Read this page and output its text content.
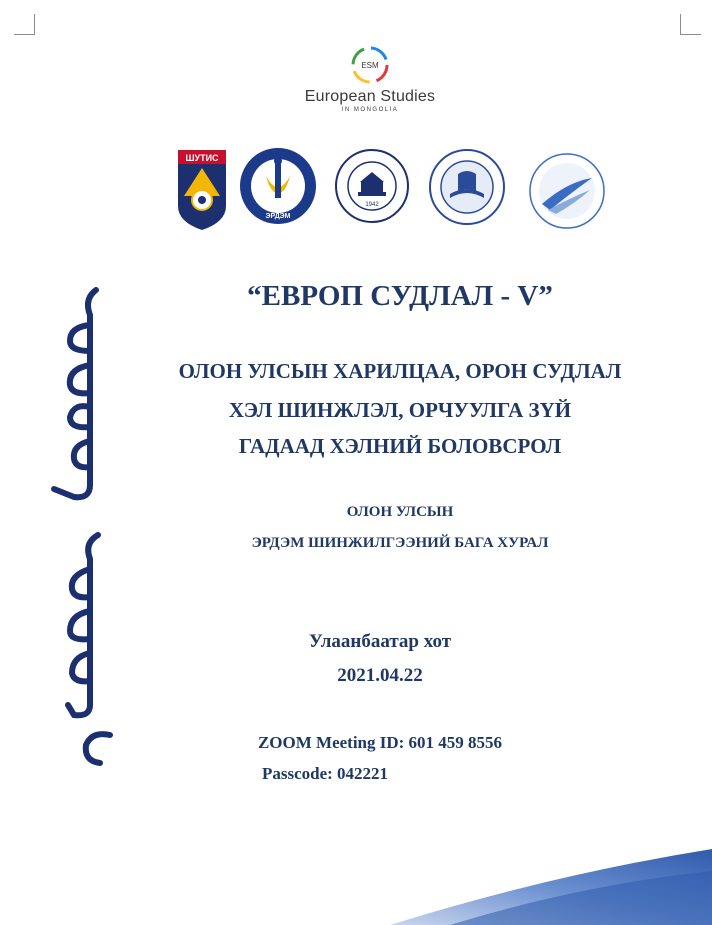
ESM
European Studies
IN MONGOLIA
ШУТИС
ЭРДЭМ
1942
“ЕВРОП СУДЛАЛ - V”
ОЛОН УЛСЫН ХАРИЛЦАА, ОРОН СУДЛАЛ
ХЭЛ ШИНЖЛЭЛ, ОРЧУУЛГА ЗҮЙ
ГАДААД ХЭЛНИЙ БОЛОВСРОЛ
ОЛОН УЛСЫН
ЭРДЭМ ШИНЖИЛГЭЭНИЙ БАГА ХУРАЛ
Улаанбаатар хот
2021.04.22
ZOOM Meeting ID: 601 459 8556
Passcode: 042221
